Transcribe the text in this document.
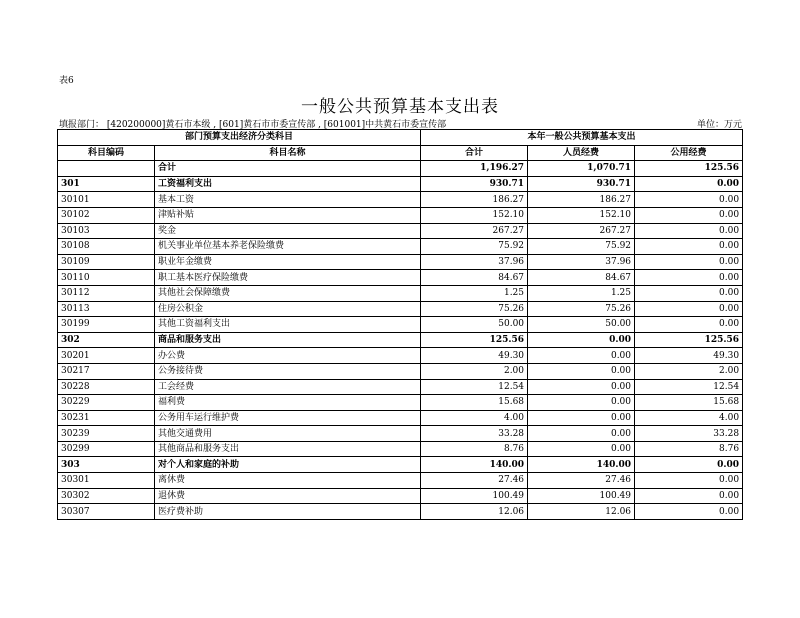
表6
一般公共预算基本支出表
填报部门： [420200000]黄石市本级 , [601]黄石市市委宣传部 , [601001]中共黄石市委宣传部	单位：万元
部门预算支出经济分类科目		本年一般公共预算基本支出		
科目编码	科目名称	合计	人员经费	公用经费
	合计	1,196.27	1,070.71	125.56
301	工资福利支出	930.71	930.71	0.00
30101	基本工资	186.27	186.27	0.00
30102	津贴补贴	152.10	152.10	0.00
30103	奖金	267.27	267.27	0.00
30108	机关事业单位基本养老保险缴费	75.92	75.92	0.00
30109	职业年金缴费	37.96	37.96	0.00
30110	职工基本医疗保险缴费	84.67	84.67	0.00
30112	其他社会保障缴费	1.25	1.25	0.00
30113	住房公积金	75.26	75.26	0.00
30199	其他工资福利支出	50.00	50.00	0.00
302	商品和服务支出	125.56	0.00	125.56
30201	办公费	49.30	0.00	49.30
30217	公务接待费	2.00	0.00	2.00
30228	工会经费	12.54	0.00	12.54
30229	福利费	15.68	0.00	15.68
30231	公务用车运行维护费	4.00	0.00	4.00
30239	其他交通费用	33.28	0.00	33.28
30299	其他商品和服务支出	8.76	0.00	8.76
303	对个人和家庭的补助	140.00	140.00	0.00
30301	离休费	27.46	27.46	0.00
30302	退休费	100.49	100.49	0.00
30307	医疗费补助	12.06	12.06	0.00
